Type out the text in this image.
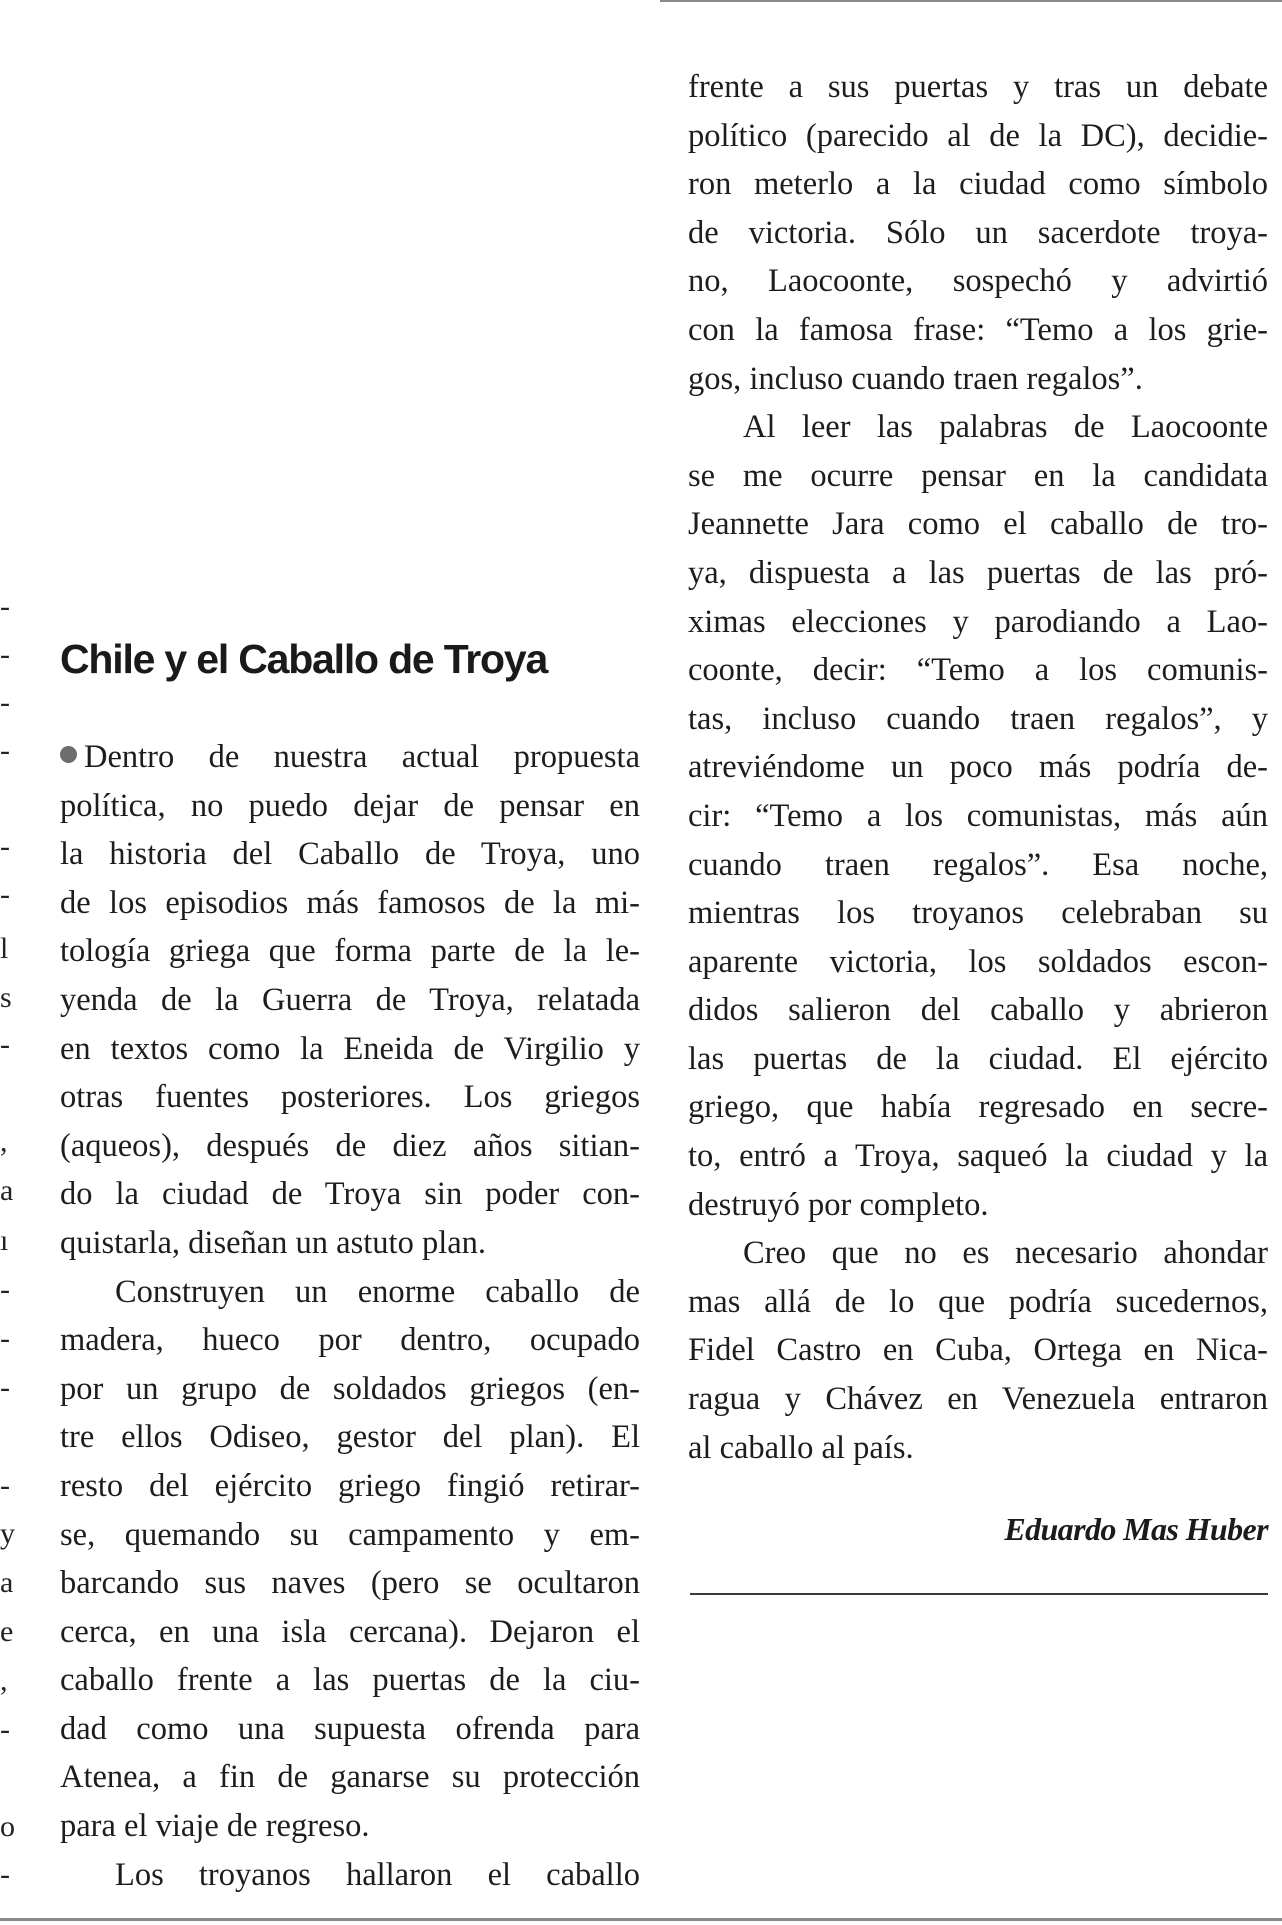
-
-
-
-
-
-
l
s
-
,
a
ı
-
-
-
-
y
a
e
,
-
o
-
Chile y el Caballo de Troya
Dentro de nuestra actual propuesta
política, no puedo dejar de pensar en
la historia del Caballo de Troya, uno
de los episodios más famosos de la mi-
tología griega que forma parte de la le-
yenda de la Guerra de Troya, relatada
en textos como la Eneida de Virgilio y
otras fuentes posteriores. Los griegos
(aqueos), después de diez años sitian-
do la ciudad de Troya sin poder con-
quistarla, diseñan un astuto plan.
Construyen un enorme caballo de
madera, hueco por dentro, ocupado
por un grupo de soldados griegos (en-
tre ellos Odiseo, gestor del plan). El
resto del ejército griego fingió retirar-
se, quemando su campamento y em-
barcando sus naves (pero se ocultaron
cerca, en una isla cercana). Dejaron el
caballo frente a las puertas de la ciu-
dad como una supuesta ofrenda para
Atenea, a fin de ganarse su protección
para el viaje de regreso.
Los troyanos hallaron el caballo
frente a sus puertas y tras un debate
político (parecido al de la DC), decidie-
ron meterlo a la ciudad como símbolo
de victoria. Sólo un sacerdote troya-
no, Laocoonte, sospechó y advirtió
con la famosa frase: “Temo a los grie-
gos, incluso cuando traen regalos”.
Al leer las palabras de Laocoonte
se me ocurre pensar en la candidata
Jeannette Jara como el caballo de tro-
ya, dispuesta a las puertas de las pró-
ximas elecciones y parodiando a Lao-
coonte, decir: “Temo a los comunis-
tas, incluso cuando traen regalos”, y
atreviéndome un poco más podría de-
cir: “Temo a los comunistas, más aún
cuando traen regalos”. Esa noche,
mientras los troyanos celebraban su
aparente victoria, los soldados escon-
didos salieron del caballo y abrieron
las puertas de la ciudad. El ejército
griego, que había regresado en secre-
to, entró a Troya, saqueó la ciudad y la
destruyó por completo.
Creo que no es necesario ahondar
mas allá de lo que podría sucedernos,
Fidel Castro en Cuba, Ortega en Nica-
ragua y Chávez en Venezuela entraron
al caballo al país.

Eduardo Mas Huber
